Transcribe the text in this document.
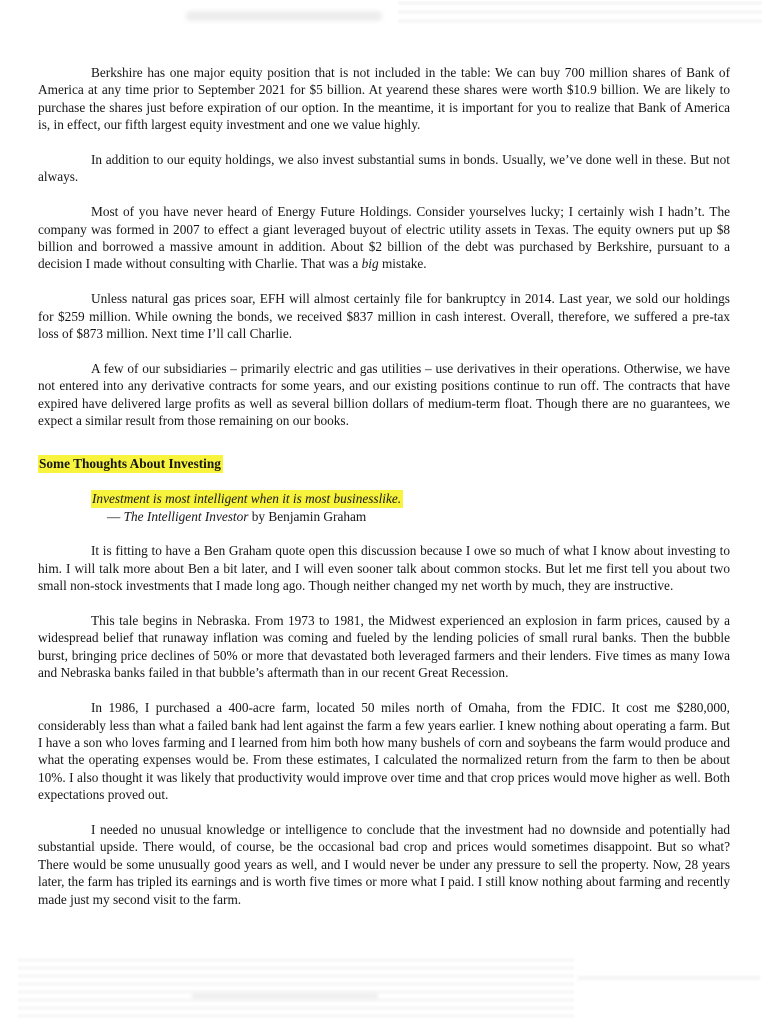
Berkshire has one major equity position that is not included in the table: We can buy 700 million shares of Bank of America at any time prior to September 2021 for $5 billion. At yearend these shares were worth $10.9 billion. We are likely to purchase the shares just before expiration of our option. In the meantime, it is important for you to realize that Bank of America is, in effect, our fifth largest equity investment and one we value highly.

In addition to our equity holdings, we also invest substantial sums in bonds. Usually, we’ve done well in these. But not always.

Most of you have never heard of Energy Future Holdings. Consider yourselves lucky; I certainly wish I hadn’t. The company was formed in 2007 to effect a giant leveraged buyout of electric utility assets in Texas. The equity owners put up $8 billion and borrowed a massive amount in addition. About $2 billion of the debt was purchased by Berkshire, pursuant to a decision I made without consulting with Charlie. That was a big mistake.

Unless natural gas prices soar, EFH will almost certainly file for bankruptcy in 2014. Last year, we sold our holdings for $259 million. While owning the bonds, we received $837 million in cash interest. Overall, therefore, we suffered a pre-tax loss of $873 million. Next time I’ll call Charlie.

A few of our subsidiaries – primarily electric and gas utilities – use derivatives in their operations. Otherwise, we have not entered into any derivative contracts for some years, and our existing positions continue to run off. The contracts that have expired have delivered large profits as well as several billion dollars of medium-term float. Though there are no guarantees, we expect a similar result from those remaining on our books.

Some Thoughts About Investing
Investment is most intelligent when it is most businesslike.
— The Intelligent Investor by Benjamin Graham

It is fitting to have a Ben Graham quote open this discussion because I owe so much of what I know about investing to him. I will talk more about Ben a bit later, and I will even sooner talk about common stocks. But let me first tell you about two small non-stock investments that I made long ago. Though neither changed my net worth by much, they are instructive.

This tale begins in Nebraska. From 1973 to 1981, the Midwest experienced an explosion in farm prices, caused by a widespread belief that runaway inflation was coming and fueled by the lending policies of small rural banks. Then the bubble burst, bringing price declines of 50% or more that devastated both leveraged farmers and their lenders. Five times as many Iowa and Nebraska banks failed in that bubble’s aftermath than in our recent Great Recession.

In 1986, I purchased a 400-acre farm, located 50 miles north of Omaha, from the FDIC. It cost me $280,000, considerably less than what a failed bank had lent against the farm a few years earlier. I knew nothing about operating a farm. But I have a son who loves farming and I learned from him both how many bushels of corn and soybeans the farm would produce and what the operating expenses would be. From these estimates, I calculated the normalized return from the farm to then be about 10%. I also thought it was likely that productivity would improve over time and that crop prices would move higher as well. Both expectations proved out.

I needed no unusual knowledge or intelligence to conclude that the investment had no downside and potentially had substantial upside. There would, of course, be the occasional bad crop and prices would sometimes disappoint. But so what? There would be some unusually good years as well, and I would never be under any pressure to sell the property. Now, 28 years later, the farm has tripled its earnings and is worth five times or more what I paid. I still know nothing about farming and recently made just my second visit to the farm.
